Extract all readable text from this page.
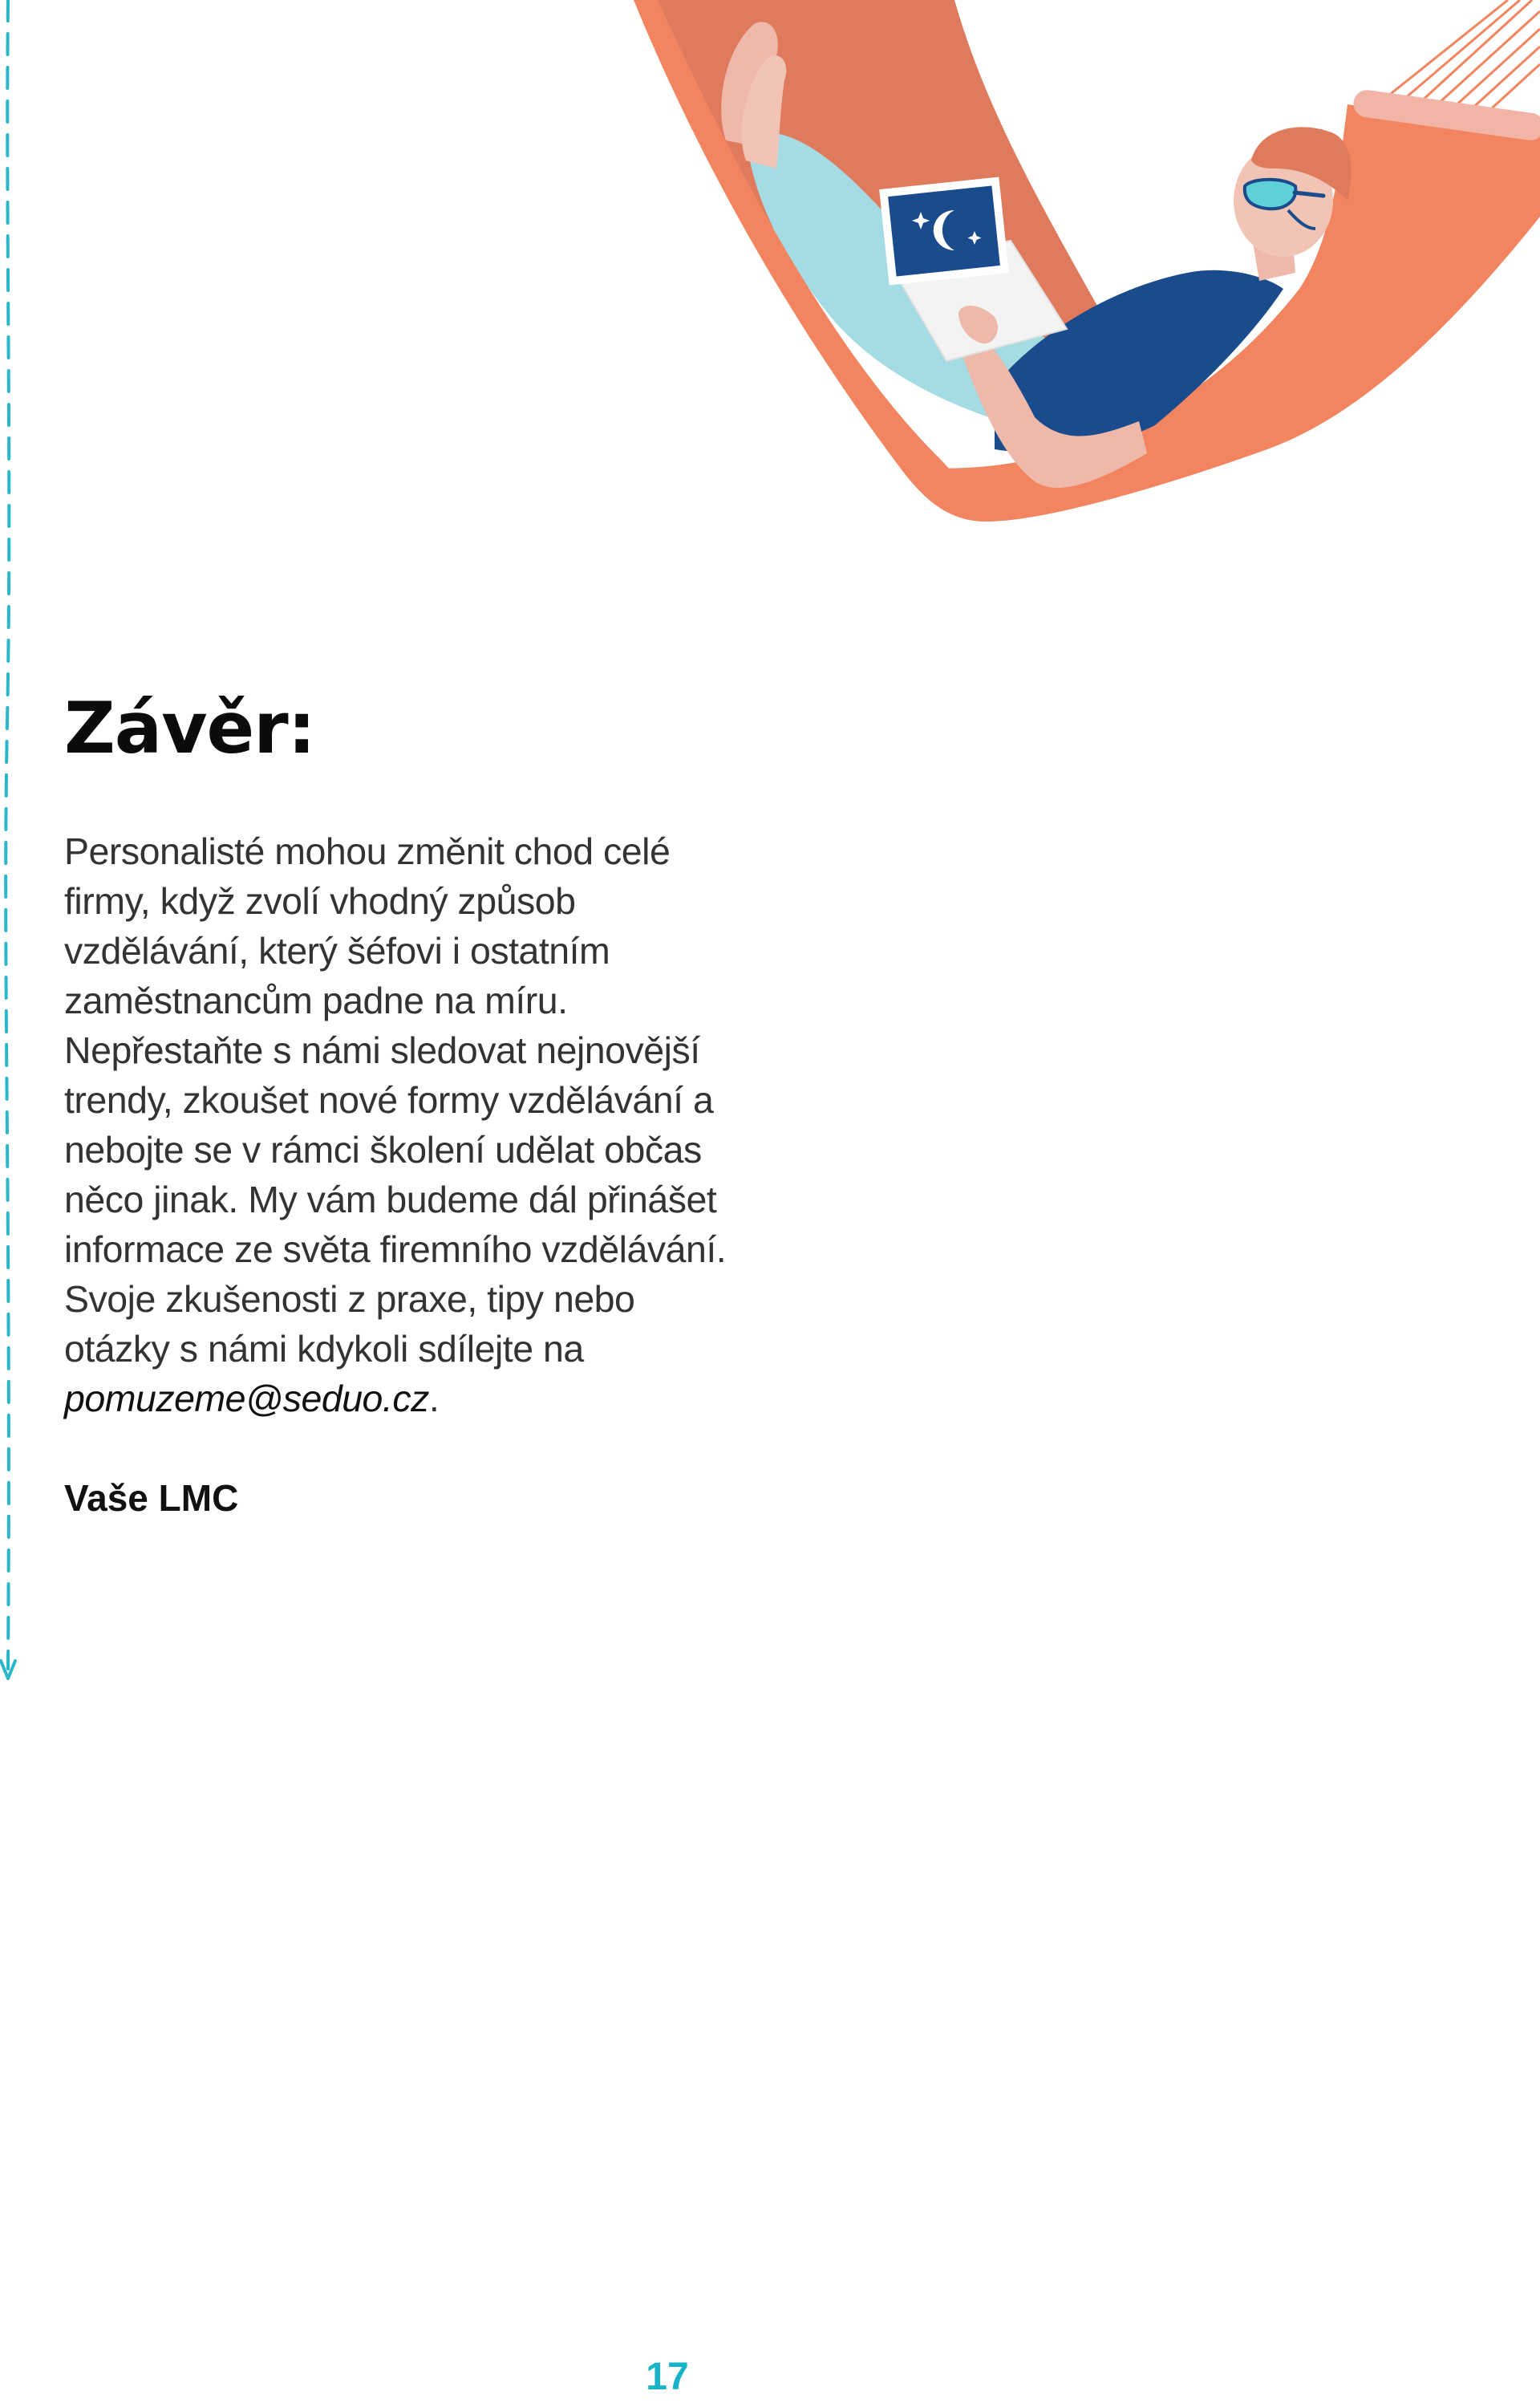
Závěr:

Personalisté mohou změnit chod celé firmy, když zvolí vhodný způsob vzdělávání, který šéfovi i ostatním zaměstnancům padne na míru. Nepřestaňte s námi sledovat nejnovější trendy, zkoušet nové formy vzdělávání a nebojte se v rámci školení udělat občas něco jinak. My vám budeme dál přinášet informace ze světa firemního vzdělávání. Svoje zkušenosti z praxe, tipy nebo otázky s námi kdykoli sdílejte na pomuzeme@seduo.cz.

Vaše LMC

17
